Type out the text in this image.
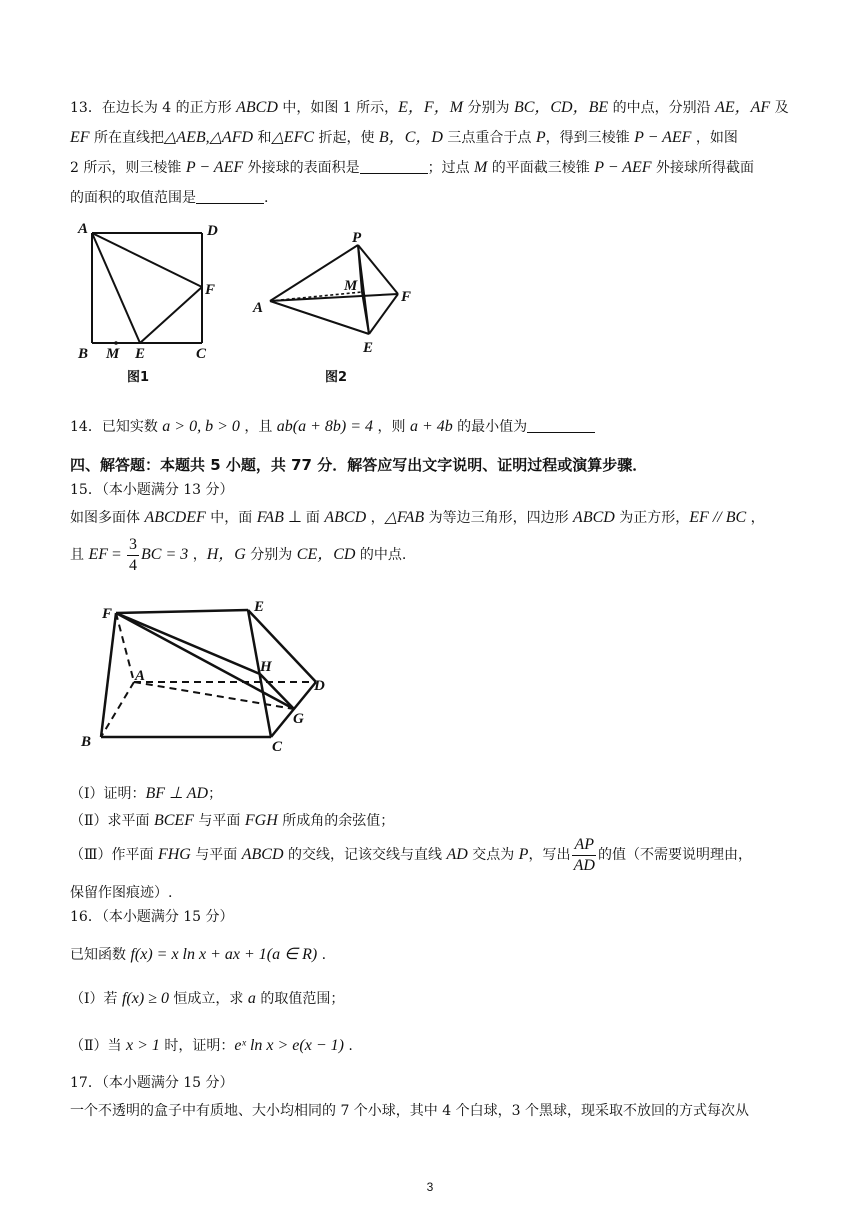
13．在边长为 4 的正方形 ABCD 中，如图 1 所示，E，F，M 分别为 BC，CD，BE 的中点，分别沿 AE，AF 及
EF 所在直线把△AEB,△AFD 和△EFC 折起，使 B，C，D 三点重合于点 P，得到三棱锥 P − AEF ，如图
2 所示，则三棱锥 P − AEF 外接球的表面积是	；过点 M 的平面截三棱锥 P − AEF 外接球所得截面
的面积的取值范围是	.
A	D
F
B M E	C
图1
P
M
A
F
E
图2
14．已知实数 a > 0, b > 0 ，且 ab(a + 8b) = 4 ，则 a + 4b 的最小值为
四、解答题：本题共 5 小题，共 77 分．解答应写出文字说明、证明过程或演算步骤．
15．（本小题满分 13 分）
如图多面体 ABCDEF 中，面 FAB ⊥ 面 ABCD ，△FAB 为等边三角形，四边形 ABCD 为正方形，EF // BC ，
且 EF = $\frac{3}{4}$ BC = 3 ，H，G 分别为 CE，CD 的中点.
F	E
A
H
D
G
B	C
（Ⅰ）证明：BF ⊥ AD；
（Ⅱ）求平面 BCEF 与平面 FGH 所成角的余弦值；
（Ⅲ）作平面 FHG 与平面 ABCD 的交线，记该交线与直线 AD 交点为 P，写出 $\frac{AP}{AD}$ 的值（不需要说明理由，
保留作图痕迹）.
16．（本小题满分 15 分）
已知函数 f(x) = x ln x + ax + 1(a ∈ R) .
（Ⅰ）若 f(x) ≥ 0 恒成立，求 a 的取值范围；
（Ⅱ）当 x > 1 时，证明：eˣ ln x > e(x − 1) .
17．（本小题满分 15 分）
一个不透明的盒子中有质地、大小均相同的 7 个小球，其中 4 个白球，3 个黑球，现采取不放回的方式每次从
3
